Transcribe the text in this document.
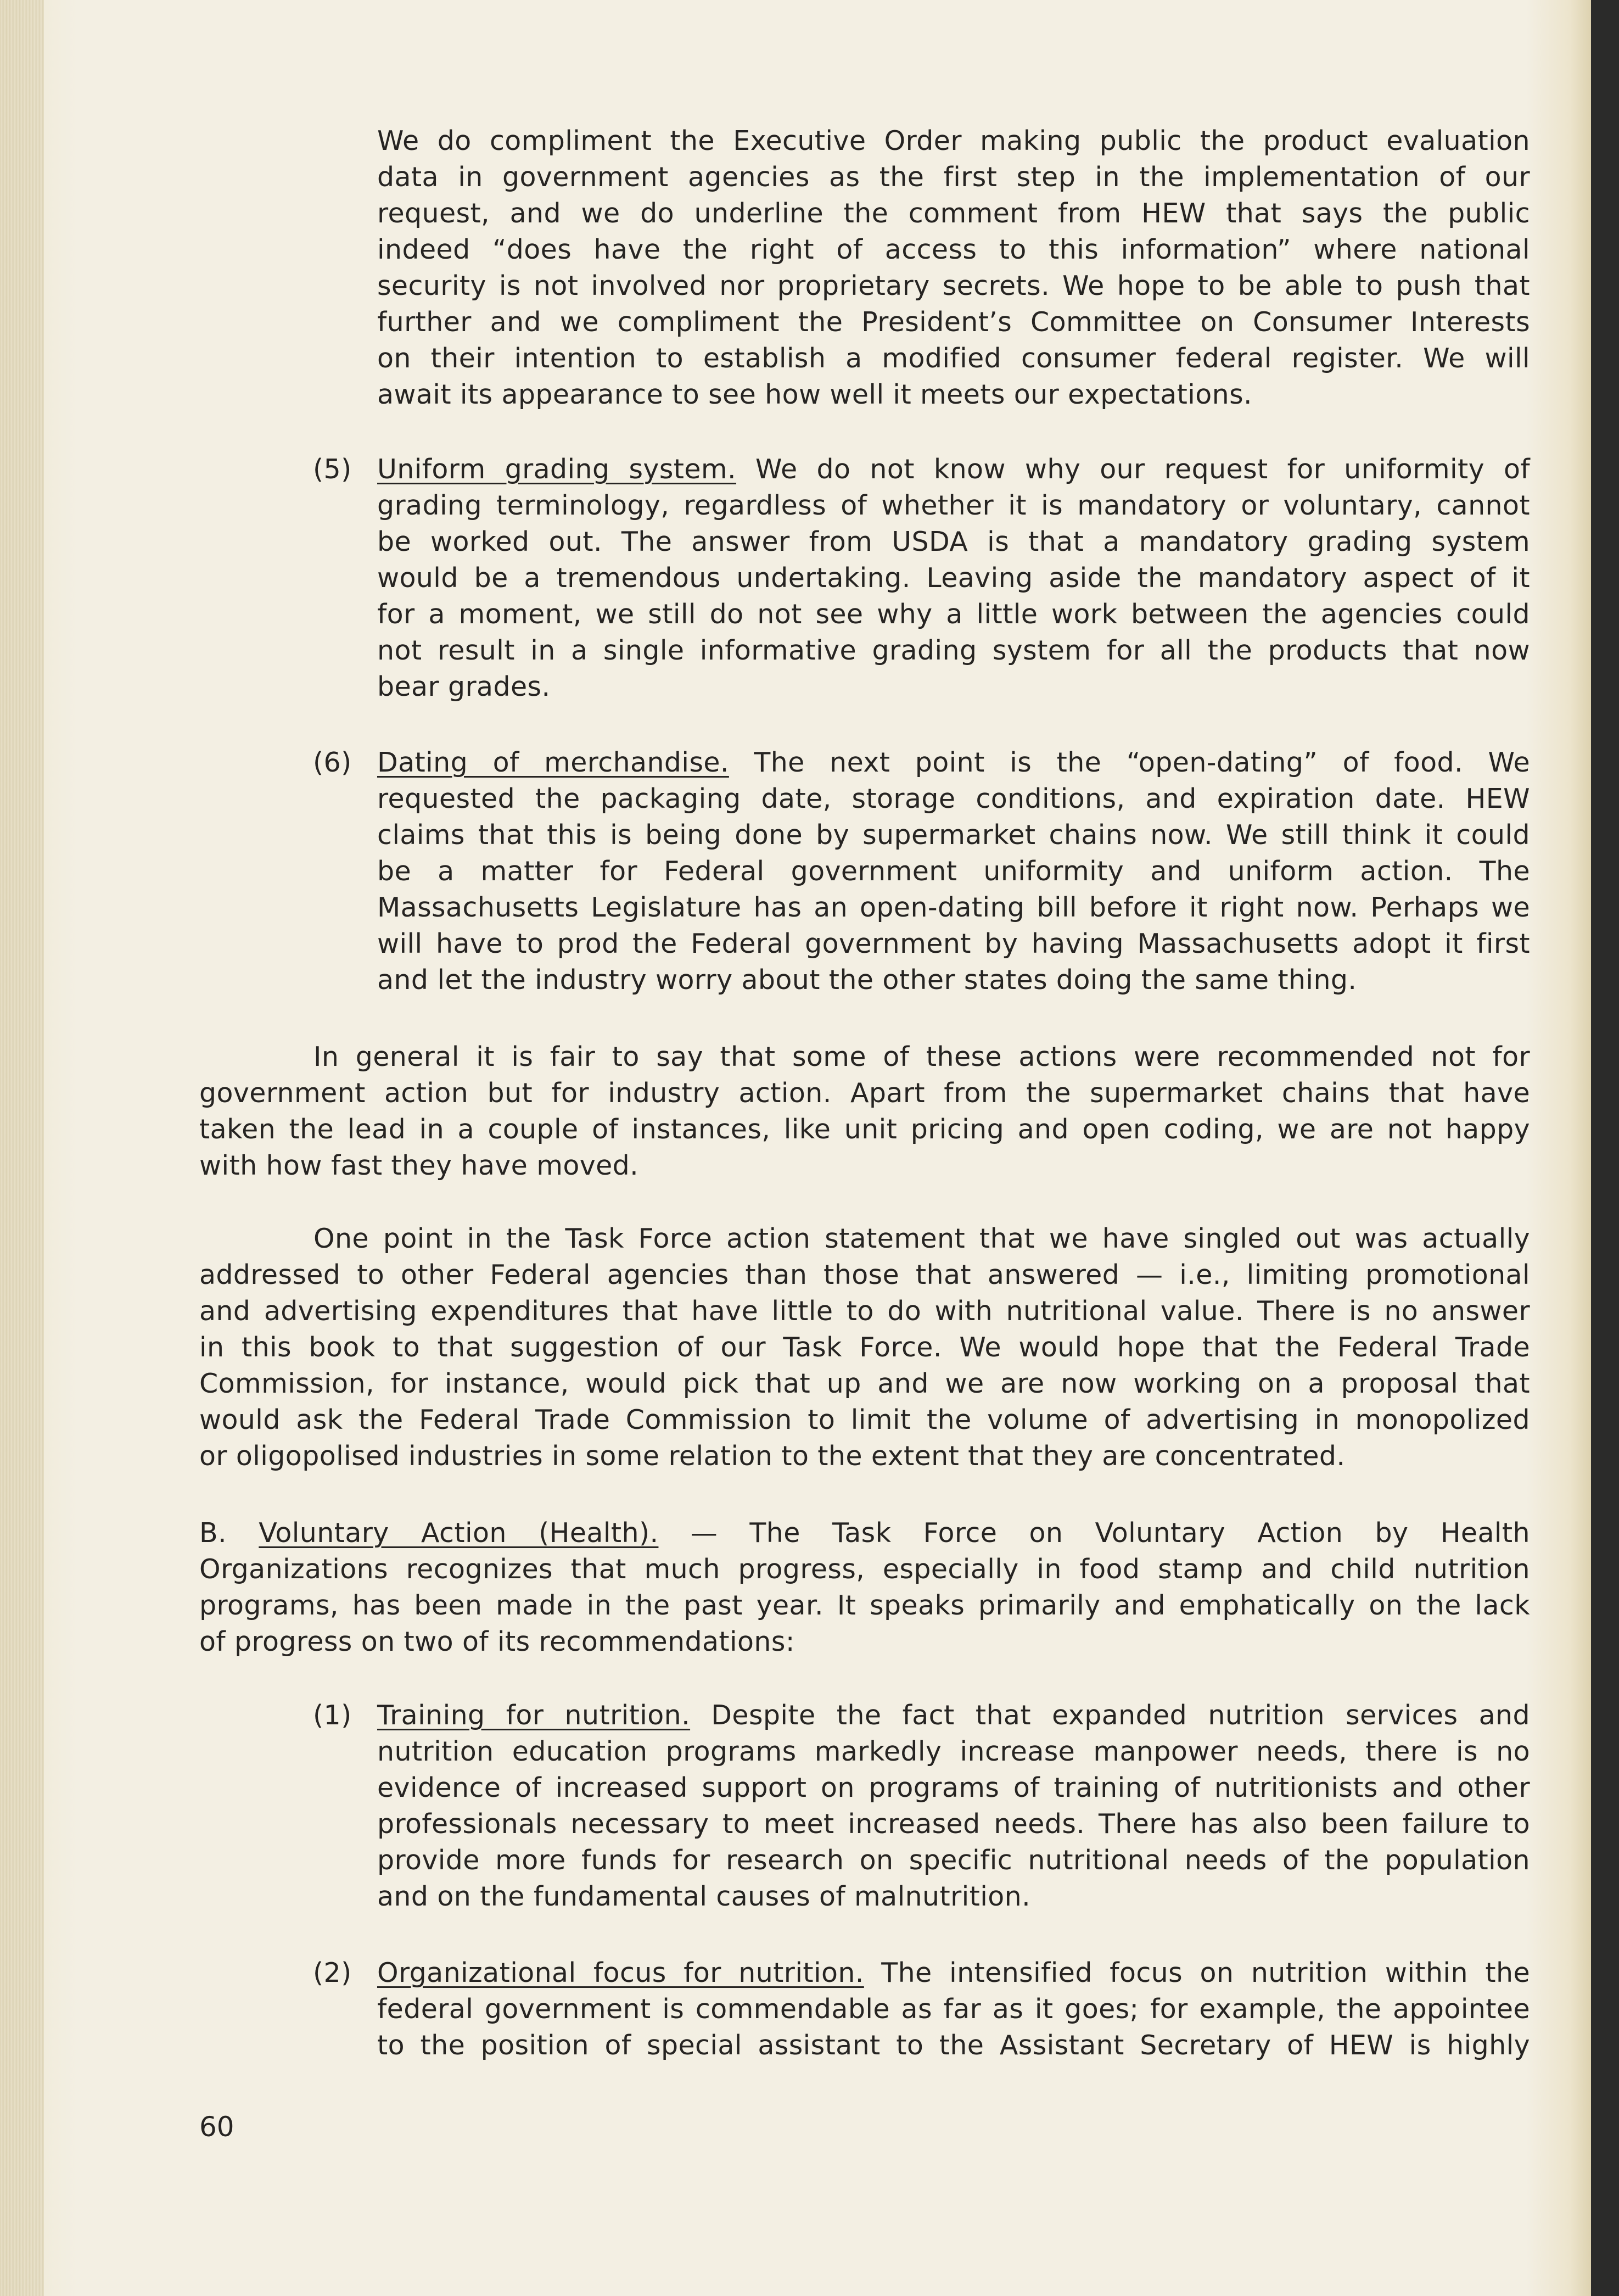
We do compliment the Executive Order making public the product evaluation

data in government agencies as the first step in the implementation of our

request, and we do underline the comment from HEW that says the public

indeed “does have the right of access to this information” where national

security is not involved nor proprietary secrets. We hope to be able to push that

further and we compliment the President’s Committee on Consumer Interests

on their intention to establish a modified consumer federal register. We will

await its appearance to see how well it meets our expectations.

(5) Uniform grading system. We do not know why our request for uniformity of

grading terminology, regardless of whether it is mandatory or voluntary, cannot

be worked out. The answer from USDA is that a mandatory grading system

would be a tremendous undertaking. Leaving aside the mandatory aspect of it

for a moment, we still do not see why a little work between the agencies could

not result in a single informative grading system for all the products that now

bear grades.

(6) Dating of merchandise. The next point is the “open-dating” of food. We

requested the packaging date, storage conditions, and expiration date. HEW

claims that this is being done by supermarket chains now. We still think it could

be a matter for Federal government uniformity and uniform action. The

Massachusetts Legislature has an open-dating bill before it right now. Perhaps we

will have to prod the Federal government by having Massachusetts adopt it first

and let the industry worry about the other states doing the same thing.

In general it is fair to say that some of these actions were recommended not for

government action but for industry action. Apart from the supermarket chains that have

taken the lead in a couple of instances, like unit pricing and open coding, we are not happy

with how fast they have moved.

One point in the Task Force action statement that we have singled out was actually

addressed to other Federal agencies than those that answered — i.e., limiting promotional

and advertising expenditures that have little to do with nutritional value. There is no answer

in this book to that suggestion of our Task Force. We would hope that the Federal Trade

Commission, for instance, would pick that up and we are now working on a proposal that

would ask the Federal Trade Commission to limit the volume of advertising in monopolized

or oligopolised industries in some relation to the extent that they are concentrated.

B. Voluntary Action (Health). — The Task Force on Voluntary Action by Health

Organizations recognizes that much progress, especially in food stamp and child nutrition

programs, has been made in the past year. It speaks primarily and emphatically on the lack

of progress on two of its recommendations:

(1) Training for nutrition. Despite the fact that expanded nutrition services and

nutrition education programs markedly increase manpower needs, there is no

evidence of increased support on programs of training of nutritionists and other

professionals necessary to meet increased needs. There has also been failure to

provide more funds for research on specific nutritional needs of the population

and on the fundamental causes of malnutrition.

(2) Organizational focus for nutrition. The intensified focus on nutrition within the

federal government is commendable as far as it goes; for example, the appointee

to the position of special assistant to the Assistant Secretary of HEW is highly

60
